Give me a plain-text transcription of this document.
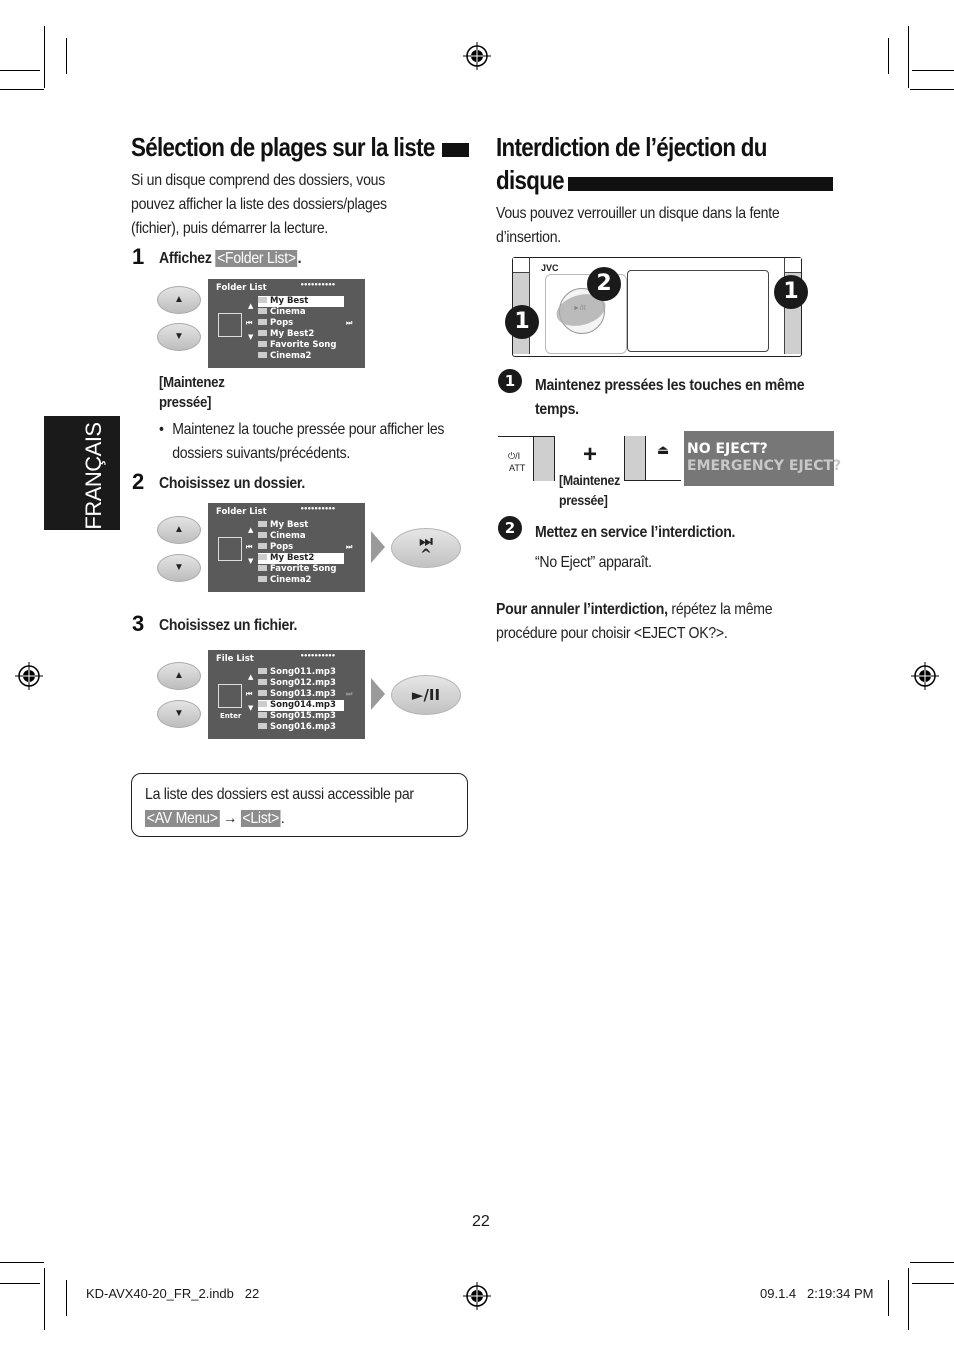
FRANÇAIS
Sélection de plages sur la liste
Si un disque comprend des dossiers, vous pouvez afficher la liste des dossiers/plages (fichier), puis démarrer la lecture.
1 Affichez <Folder List> .
▲
▼
Folder List	••••••••••
▲
⏮
▼
⏭
My Best
Cinema
Pops
My Best2
Favorite Song
Cinema2
[Maintenez
pressée]
• Maintenez la touche pressée pour afficher les dossiers suivants/précédents.
2 Choisissez un dossier.
▲
▼
Folder List	••••••••••
▲
⏮
▼
⏭
My Best
Cinema
Pops
My Best2
Favorite Song
Cinema2
⏭
^
3 Choisissez un fichier.
▲
▼
File List	••••••••••
▲
⏮
▼
⏭
Enter
Song011.mp3
Song012.mp3
Song013.mp3
Song014.mp3
Song015.mp3
Song016.mp3
►/II
La liste des dossiers est aussi accessible par
<AV Menu> → <List> .
Interdiction de l’éjection du
disque
Vous pouvez verrouiller un disque dans la fente d’insertion.
JVC
1
2	1
1	Maintenez pressées les touches en même temps.
⏻/I
ATT +	⏏
[Maintenez
pressée]
NO EJECT?
EMERGENCY EJECT?
2	Mettez en service l’interdiction.
“No Eject” apparaît.
Pour annuler l’interdiction, répétez la même procédure pour choisir <EJECT OK?>.
22
KD-AVX40-20_FR_2.indb   22	09.1.4   2:19:34 PM
